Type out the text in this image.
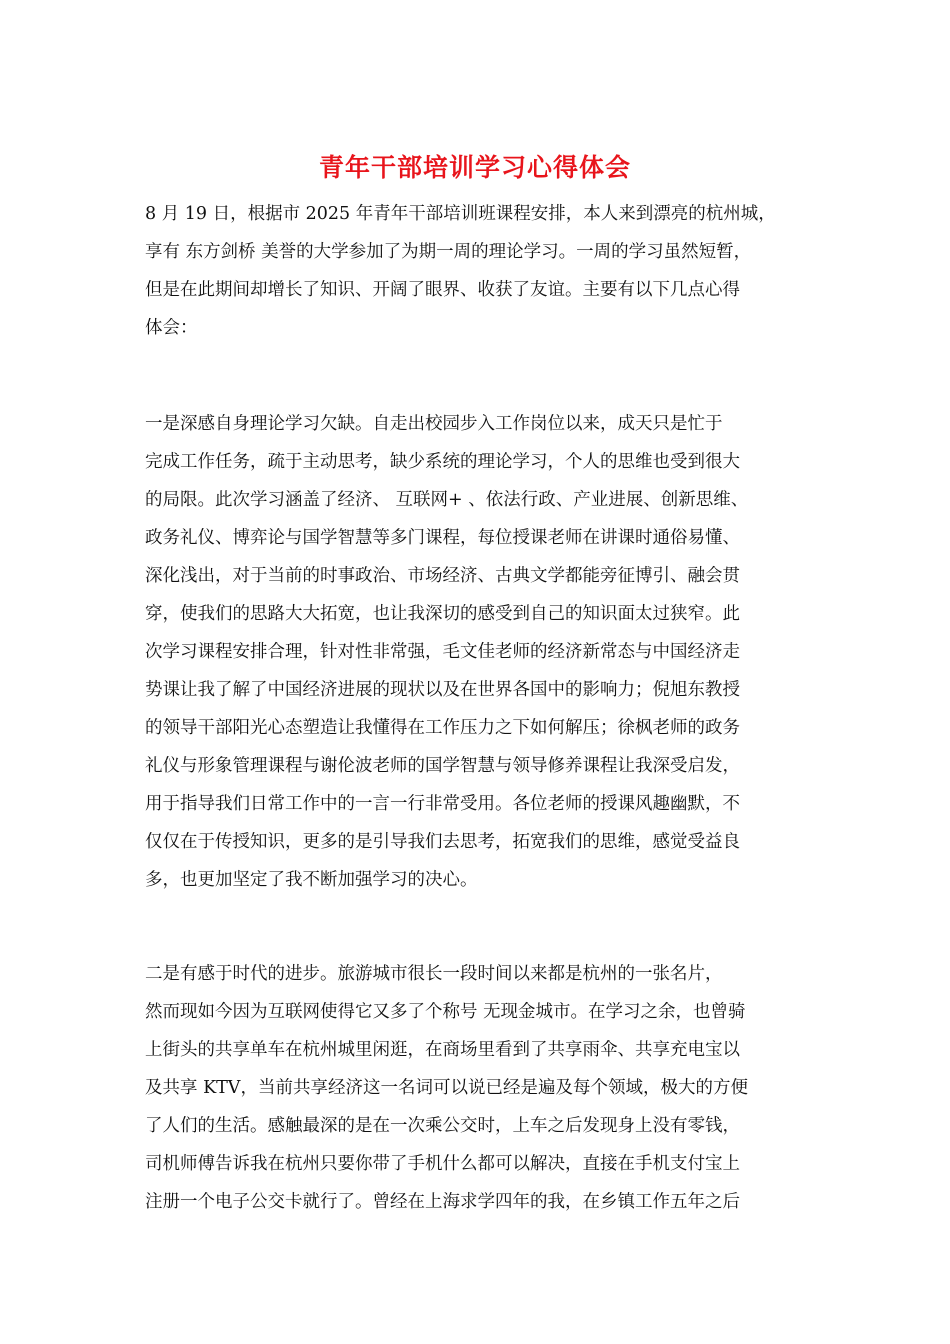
青年干部培训学习心得体会
8 月 19 日，根据市 2025 年青年干部培训班课程安排，本人来到漂亮的杭州城，
享有 东方剑桥 美誉的大学参加了为期一周的理论学习。一周的学习虽然短暂，
但是在此期间却增长了知识、开阔了眼界、收获了友谊。主要有以下几点心得
体会：
一是深感自身理论学习欠缺。自走出校园步入工作岗位以来，成天只是忙于
完成工作任务，疏于主动思考，缺少系统的理论学习，个人的思维也受到很大
的局限。此次学习涵盖了经济、 互联网+ 、依法行政、产业进展、创新思维、
政务礼仪、博弈论与国学智慧等多门课程，每位授课老师在讲课时通俗易懂、
深化浅出，对于当前的时事政治、市场经济、古典文学都能旁征博引、融会贯
穿，使我们的思路大大拓宽，也让我深切的感受到自己的知识面太过狭窄。此
次学习课程安排合理，针对性非常强，毛文佳老师的经济新常态与中国经济走
势课让我了解了中国经济进展的现状以及在世界各国中的影响力；倪旭东教授
的领导干部阳光心态塑造让我懂得在工作压力之下如何解压；徐枫老师的政务
礼仪与形象管理课程与谢伦波老师的国学智慧与领导修养课程让我深受启发，
用于指导我们日常工作中的一言一行非常受用。各位老师的授课风趣幽默，不
仅仅在于传授知识，更多的是引导我们去思考，拓宽我们的思维，感觉受益良
多，也更加坚定了我不断加强学习的决心。
二是有感于时代的进步。旅游城市很长一段时间以来都是杭州的一张名片，
然而现如今因为互联网使得它又多了个称号 无现金城市。在学习之余，也曾骑
上街头的共享单车在杭州城里闲逛，在商场里看到了共享雨伞、共享充电宝以
及共享 KTV，当前共享经济这一名词可以说已经是遍及每个领域，极大的方便
了人们的生活。感触最深的是在一次乘公交时，上车之后发现身上没有零钱，
司机师傅告诉我在杭州只要你带了手机什么都可以解决，直接在手机支付宝上
注册一个电子公交卡就行了。曾经在上海求学四年的我，在乡镇工作五年之后
